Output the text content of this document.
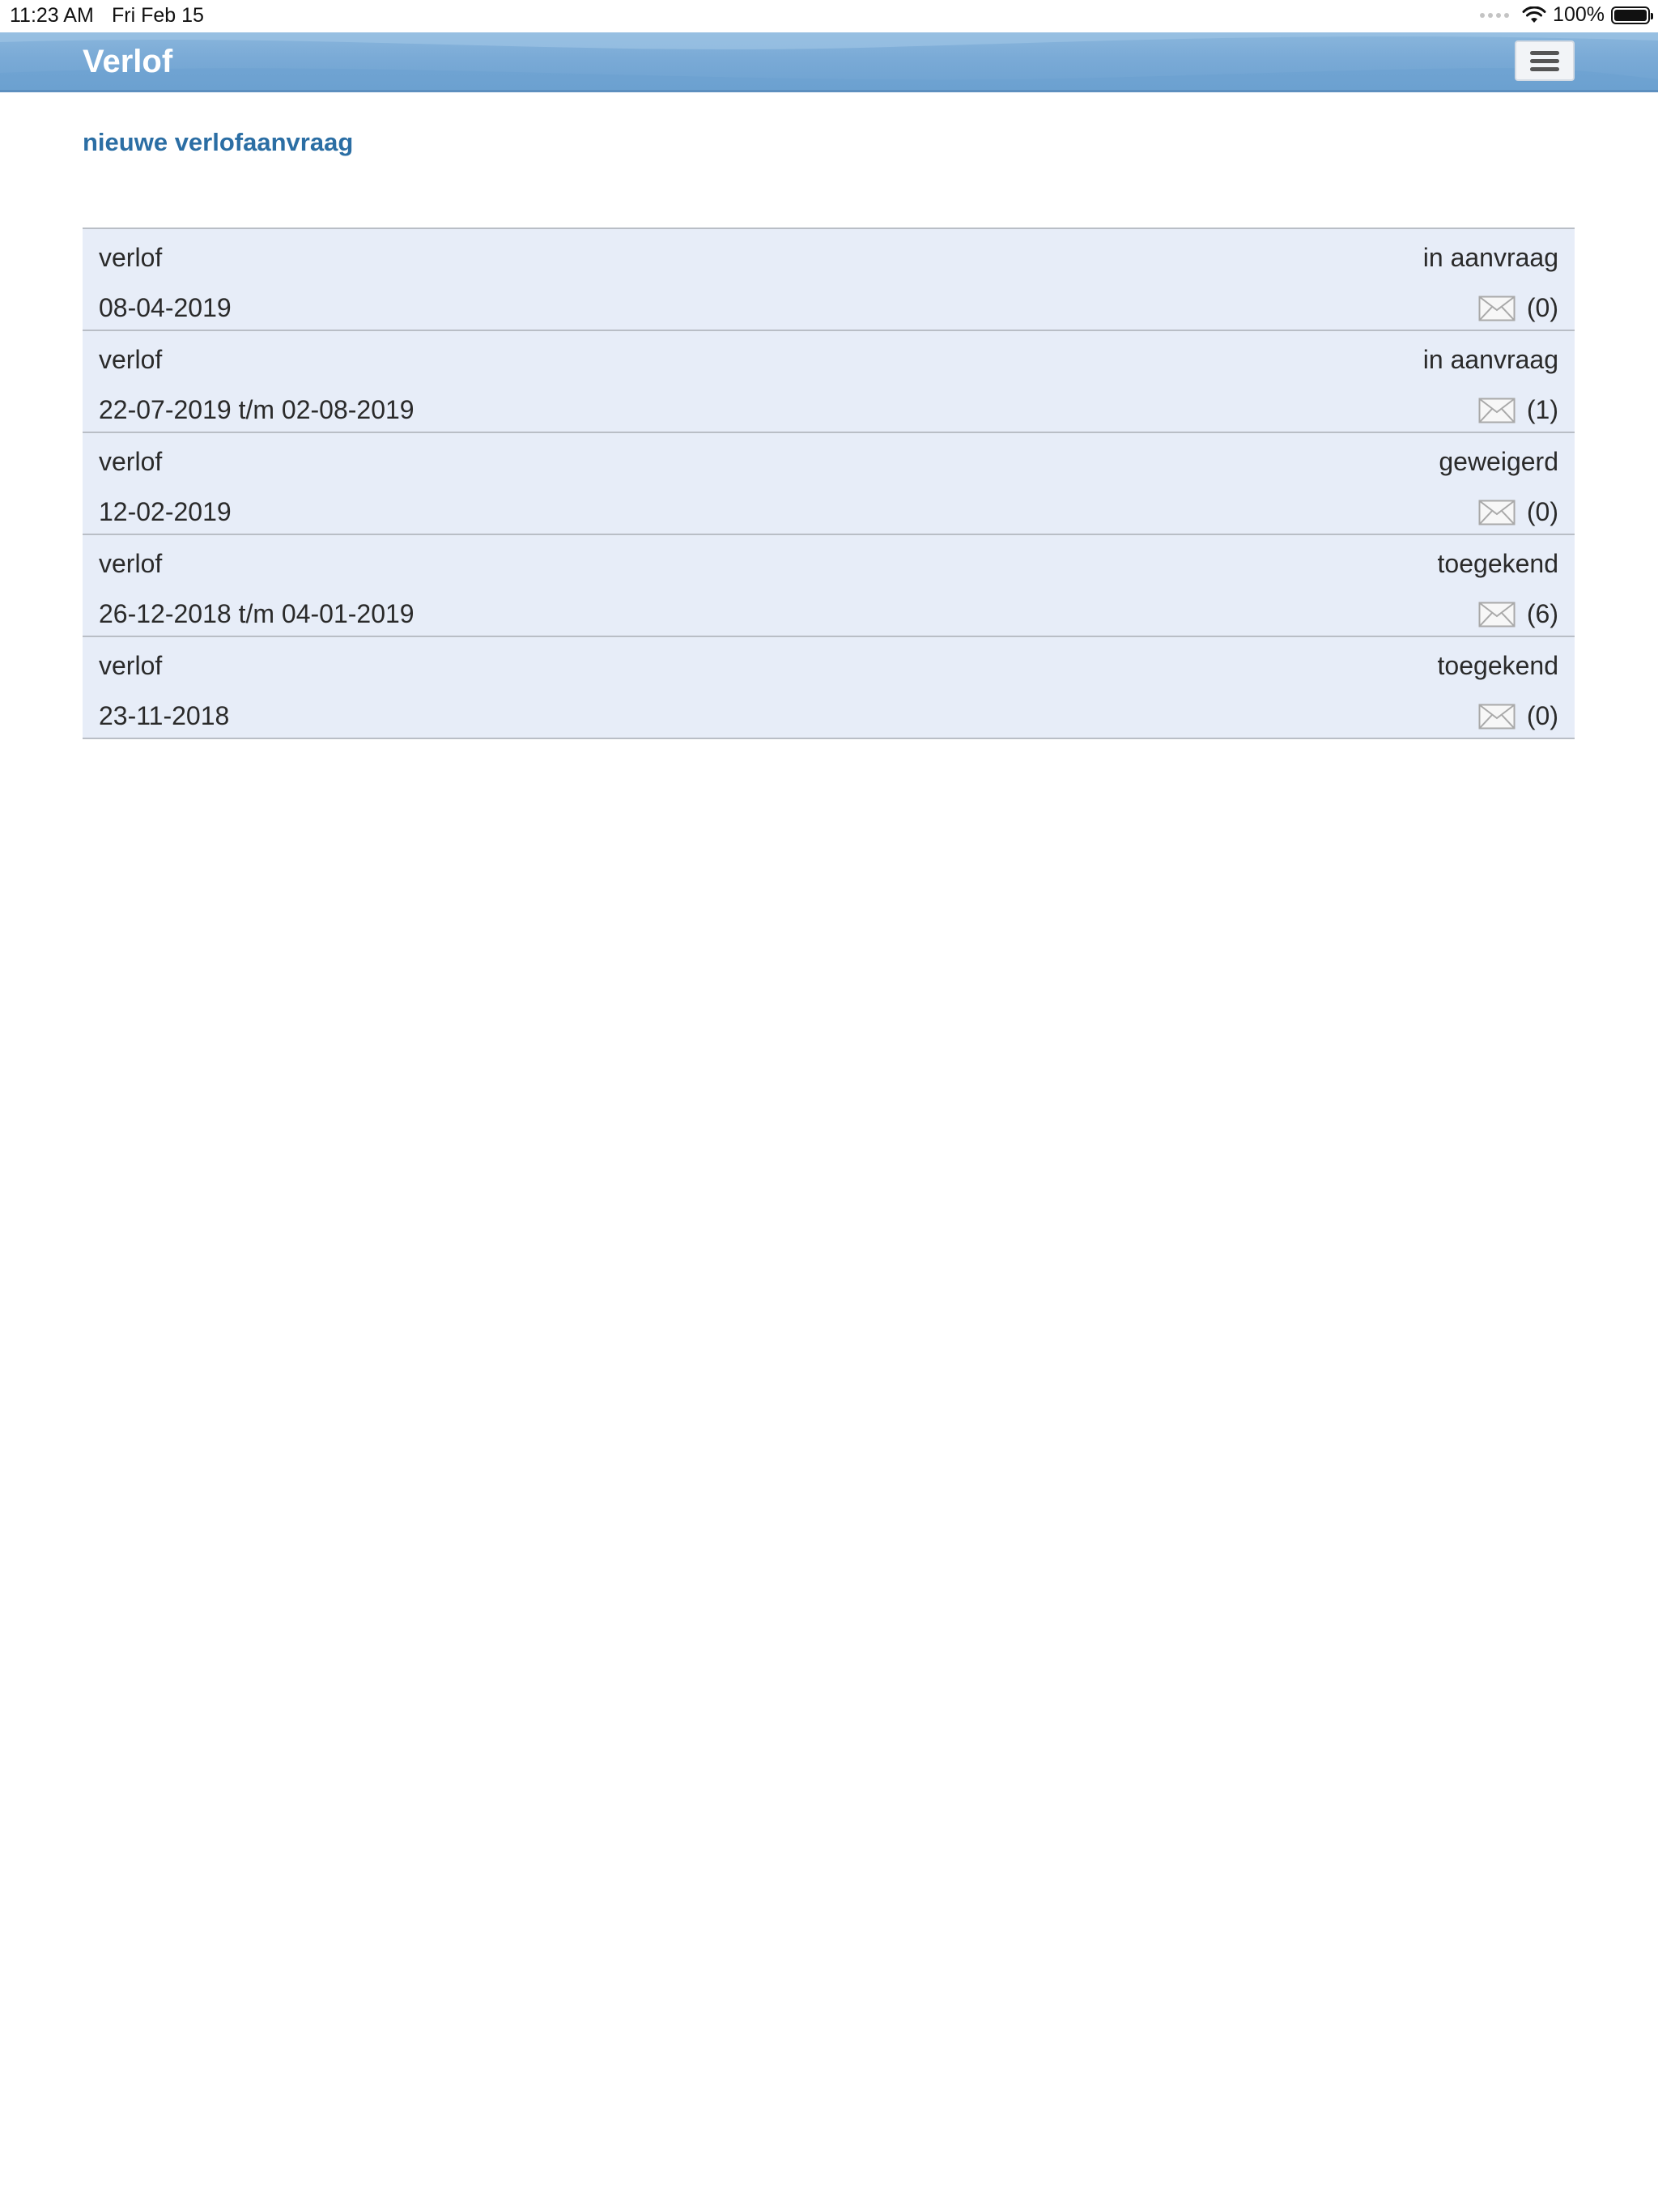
11:23 AM Fri Feb 15	100%
Verlof
nieuwe verlofaanvraag
verlof	in aanvraag
08-04-2019	(0)
verlof	in aanvraag
22-07-2019 t/m 02-08-2019	(1)
verlof	geweigerd
12-02-2019	(0)
verlof	toegekend
26-12-2018 t/m 04-01-2019	(6)
verlof	toegekend
23-11-2018	(0)
